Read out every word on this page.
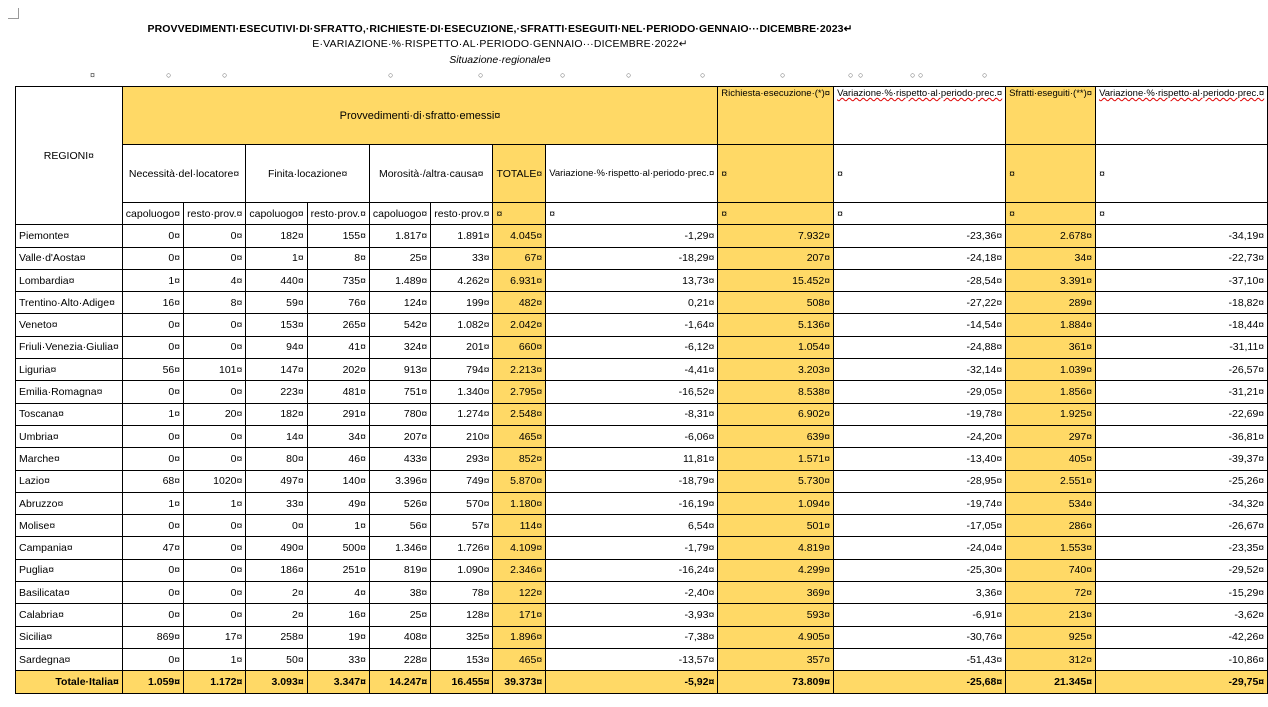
PROVVEDIMENTI·ESECUTIVI·DI·SFRATTO,·RICHIESTE·DI·ESECUZIONE,·SFRATTI·ESEGUITI·NEL·PERIODO·GENNAIO···DICEMBRE·2023↵
E·VARIAZIONE·%·RISPETTO·AL·PERIODO·GENNAIO···DICEMBRE·2022↵
Situazione·regionale¤
¤	○	○	○	○	○	○	○	○	○ ○	○ ○	○
REGIONI¤	Provvedimenti·di·sfratto·emessi¤								Richiesta·esecuzione·(*)¤	Variazione·%·rispetto·al·periodo·prec.¤	Sfratti·eseguiti·(**)¤	Variazione·%·rispetto·al·periodo·prec.¤
	Necessità·del·locatore¤		Finita·locazione¤		Morosità·/altra·causa¤		TOTALE¤	Variazione·%·rispetto·al·periodo·prec.¤	¤	¤	¤	¤
	capoluogo¤	resto·prov.¤	capoluogo¤	resto·prov.¤	capoluogo¤	resto·prov.¤	¤	¤	¤	¤	¤	¤
Piemonte¤	0¤	0¤	182¤	155¤	1.817¤	1.891¤	4.045¤	-1,29¤	7.932¤	-23,36¤	2.678¤	-34,19¤
Valle·d'Aosta¤	0¤	0¤	1¤	8¤	25¤	33¤	67¤	-18,29¤	207¤	-24,18¤	34¤	-22,73¤
Lombardia¤	1¤	4¤	440¤	735¤	1.489¤	4.262¤	6.931¤	13,73¤	15.452¤	-28,54¤	3.391¤	-37,10¤
Trentino·Alto·Adige¤	16¤	8¤	59¤	76¤	124¤	199¤	482¤	0,21¤	508¤	-27,22¤	289¤	-18,82¤
Veneto¤	0¤	0¤	153¤	265¤	542¤	1.082¤	2.042¤	-1,64¤	5.136¤	-14,54¤	1.884¤	-18,44¤
Friuli·Venezia·Giulia¤	0¤	0¤	94¤	41¤	324¤	201¤	660¤	-6,12¤	1.054¤	-24,88¤	361¤	-31,11¤
Liguria¤	56¤	101¤	147¤	202¤	913¤	794¤	2.213¤	-4,41¤	3.203¤	-32,14¤	1.039¤	-26,57¤
Emilia·Romagna¤	0¤	0¤	223¤	481¤	751¤	1.340¤	2.795¤	-16,52¤	8.538¤	-29,05¤	1.856¤	-31,21¤
Toscana¤	1¤	20¤	182¤	291¤	780¤	1.274¤	2.548¤	-8,31¤	6.902¤	-19,78¤	1.925¤	-22,69¤
Umbria¤	0¤	0¤	14¤	34¤	207¤	210¤	465¤	-6,06¤	639¤	-24,20¤	297¤	-36,81¤
Marche¤	0¤	0¤	80¤	46¤	433¤	293¤	852¤	11,81¤	1.571¤	-13,40¤	405¤	-39,37¤
Lazio¤	68¤	1020¤	497¤	140¤	3.396¤	749¤	5.870¤	-18,79¤	5.730¤	-28,95¤	2.551¤	-25,26¤
Abruzzo¤	1¤	1¤	33¤	49¤	526¤	570¤	1.180¤	-16,19¤	1.094¤	-19,74¤	534¤	-34,32¤
Molise¤	0¤	0¤	0¤	1¤	56¤	57¤	114¤	6,54¤	501¤	-17,05¤	286¤	-26,67¤
Campania¤	47¤	0¤	490¤	500¤	1.346¤	1.726¤	4.109¤	-1,79¤	4.819¤	-24,04¤	1.553¤	-23,35¤
Puglia¤	0¤	0¤	186¤	251¤	819¤	1.090¤	2.346¤	-16,24¤	4.299¤	-25,30¤	740¤	-29,52¤
Basilicata¤	0¤	0¤	2¤	4¤	38¤	78¤	122¤	-2,40¤	369¤	3,36¤	72¤	-15,29¤
Calabria¤	0¤	0¤	2¤	16¤	25¤	128¤	171¤	-3,93¤	593¤	-6,91¤	213¤	-3,62¤
Sicilia¤	869¤	17¤	258¤	19¤	408¤	325¤	1.896¤	-7,38¤	4.905¤	-30,76¤	925¤	-42,26¤
Sardegna¤	0¤	1¤	50¤	33¤	228¤	153¤	465¤	-13,57¤	357¤	-51,43¤	312¤	-10,86¤
Totale·Italia¤	1.059¤	1.172¤	3.093¤	3.347¤	14.247¤	16.455¤	39.373¤	-5,92¤	73.809¤	-25,68¤	21.345¤	-29,75¤
